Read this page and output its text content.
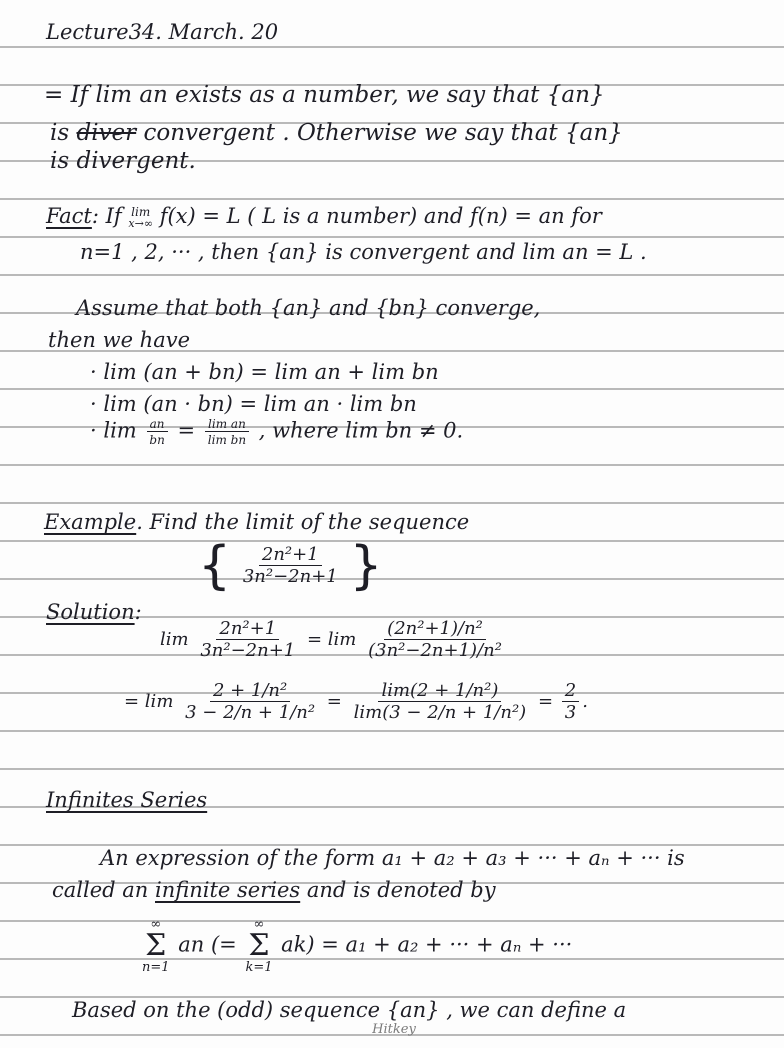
Lecture34. March. 20
= If lim an exists as a number, we say that {an}
is diver convergent . Otherwise we say that {an}
is divergent.
Fact: If lim
x→∞ f(x) = L ( L is a number) and f(n) = an for
n=1 , 2, ··· , then {an} is convergent and lim an = L .
Assume that both {an} and {bn} converge,
then we have
· lim (an + bn) = lim an + lim bn
· lim (an · bn) = lim an · lim bn
· $\lim \frac{an}{bn} = \frac{\text{lim an}}{\text{lim bn}}$ , where lim bn ≠ 0.
Example. Find the limit of the sequence
{ $\frac{\text{2n²+1}}{\text{3n²−2n+1}}$ }
Solution:
$\lim \frac{\text{2n²+1}}{\text{3n²−2n+1}} = \lim \frac{\text{(2n²+1)/n²}}{\text{(3n²−2n+1)/n²}}$
= $\lim \frac{\text{2 + 1/n²}}{\text{3 − 2/n + 1/n²}} = \frac{\text{lim(2 + 1/n²)}}{\text{lim(3 − 2/n + 1/n²)}} = \frac{2}{3}$ .
Infinites Series
An expression of the form a₁ + a₂ + a₃ + ··· + aₙ + ··· is
called an infinite series and is denoted by
∞
Σ
n=1
an (=
∞
Σ
k=1
ak) = a₁ + a₂ + ··· + aₙ + ···
Based on the (odd) sequence {an} , we can define a
Hitkey
